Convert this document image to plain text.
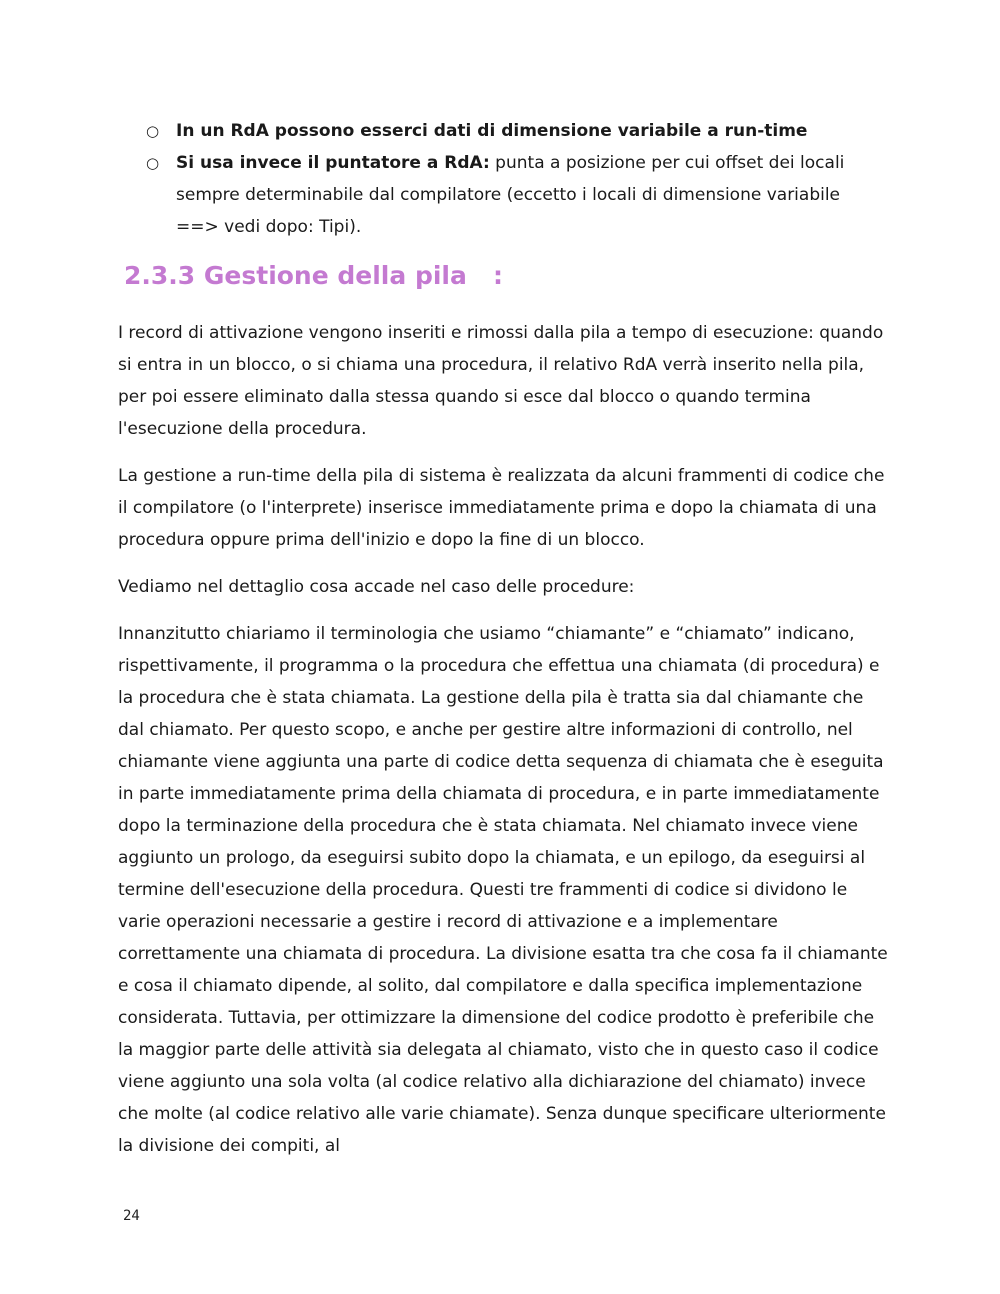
○ In un RdA possono esserci dati di dimensione variabile a run-time
○ Si usa invece il puntatore a RdA: punta a posizione per cui offset dei locali sempre determinabile dal compilatore (eccetto i locali di dimensione variabile ==> vedi dopo: Tipi).
2.3.3 Gestione della pila   :

I record di attivazione vengono inseriti e rimossi dalla pila a tempo di esecuzione: quando si entra in un blocco, o si chiama una procedura, il relativo RdA verrà inserito nella pila, per poi essere eliminato dalla stessa quando si esce dal blocco o quando termina l'esecuzione della procedura.

La gestione a run-time della pila di sistema è realizzata da alcuni frammenti di codice che il compilatore (o l'interprete) inserisce immediatamente prima e dopo la chiamata di una procedura oppure prima dell'inizio e dopo la fine di un blocco.

Vediamo nel dettaglio cosa accade nel caso delle procedure:

Innanzitutto chiariamo il terminologia che usiamo “chiamante” e “chiamato” indicano, rispettivamente, il programma o la procedura che effettua una chiamata (di procedura) e la procedura che è stata chiamata. La gestione della pila è tratta sia dal chiamante che dal chiamato. Per questo scopo, e anche per gestire altre informazioni di controllo, nel chiamante viene aggiunta una parte di codice detta sequenza di chiamata che è eseguita in parte immediatamente prima della chiamata di procedura, e in parte immediatamente dopo la terminazione della procedura che è stata chiamata. Nel chiamato invece viene aggiunto un prologo, da eseguirsi subito dopo la chiamata, e un epilogo, da eseguirsi al termine dell'esecuzione della procedura. Questi tre frammenti di codice si dividono le varie operazioni necessarie a gestire i record di attivazione e a implementare correttamente una chiamata di procedura. La divisione esatta tra che cosa fa il chiamante e cosa il chiamato dipende, al solito, dal compilatore e dalla specifica implementazione considerata. Tuttavia, per ottimizzare la dimensione del codice prodotto è preferibile che la maggior parte delle attività sia delegata al chiamato, visto che in questo caso il codice viene aggiunto una sola volta (al codice relativo alla dichiarazione del chiamato) invece che molte (al codice relativo alle varie chiamate). Senza dunque specificare ulteriormente la divisione dei compiti, al

24
